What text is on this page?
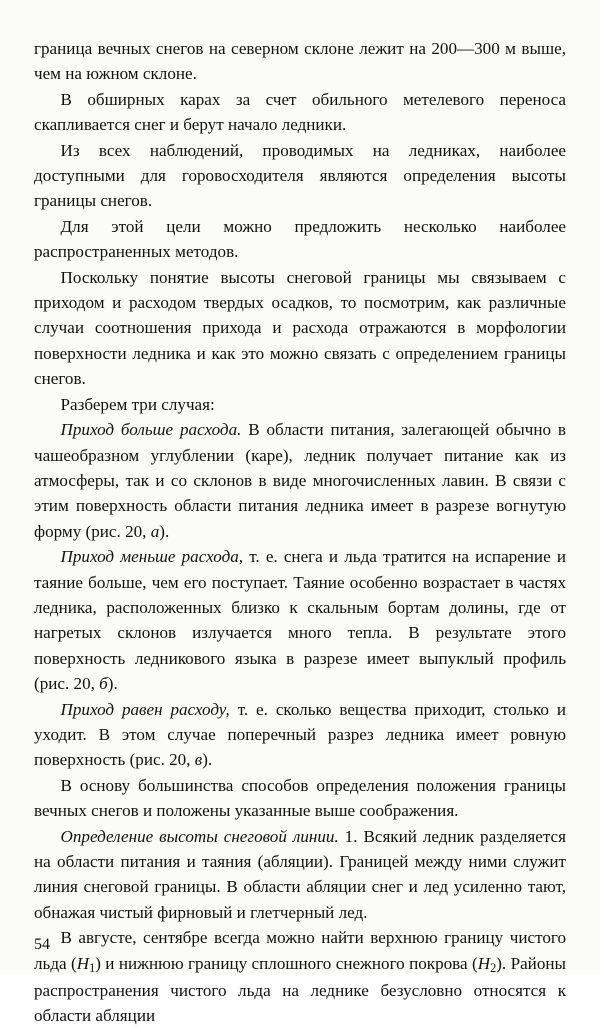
граница вечных снегов на северном склоне лежит на 200—300 м выше, чем на южном склоне.

В обширных карах за счет обильного метелевого переноса скапливается снег и берут начало ледники.

Из всех наблюдений, проводимых на ледниках, наиболее доступными для горовосходителя являются определения высоты границы снегов.

Для этой цели можно предложить несколько наиболее распространенных методов.

Поскольку понятие высоты снеговой границы мы связываем с приходом и расходом твердых осадков, то посмотрим, как различные случаи соотношения прихода и расхода отражаются в морфологии поверхности ледника и как это можно связать с определением границы снегов.

Разберем три случая:

Приход больше расхода. В области питания, залегающей обычно в чашеобразном углублении (каре), ледник получает питание как из атмосферы, так и со склонов в виде многочисленных лавин. В связи с этим поверхность области питания ледника имеет в разрезе вогнутую форму (рис. 20, а).

Приход меньше расхода, т. е. снега и льда тратится на испарение и таяние больше, чем его поступает. Таяние особенно возрастает в частях ледника, расположенных близко к скальным бортам долины, где от нагретых склонов излучается много тепла. В результате этого поверхность ледникового языка в разрезе имеет выпуклый профиль (рис. 20, б).

Приход равен расходу, т. е. сколько вещества приходит, столько и уходит. В этом случае поперечный разрез ледника имеет ровную поверхность (рис. 20, в).

В основу большинства способов определения положения границы вечных снегов и положены указанные выше соображения.

Определение высоты снеговой линии. 1. Всякий ледник разделяется на области питания и таяния (абляции). Границей между ними служит линия снеговой границы. В области абляции снег и лед усиленно тают, обнажая чистый фирновый и глетчерный лед.

В августе, сентябре всегда можно найти верхнюю границу чистого льда $(H_1)$ и нижнюю границу сплошного снежного покрова $(H_2)$. Районы распространения чистого льда на леднике безусловно относятся к области абляции

54
